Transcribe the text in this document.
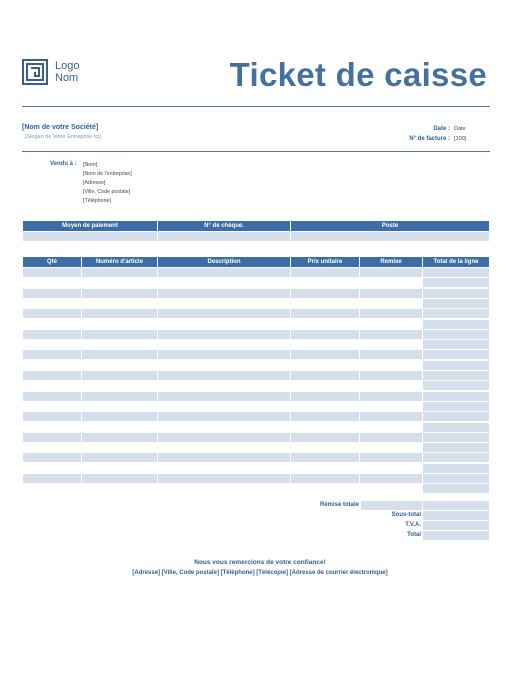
Logo
Nom	Ticket de caisse
[Nom de votre Société]
[Slogan de Votre Entreprise Ici]
Date : Date
N° de facture : [100]
Vendu à : [Nom]
[Nom de l'entreprise]
[Adresse]
[Ville, Code postale]
[Téléphone]
Moyen de paiement	N° de chèque.	Poste
Qté	Numéro d'article	Description	Prix unitaire	Remise	Total de la ligne
Remise totale
Sous-total
T.V.A.
Total
Nous vous remercions de votre confiance!
[Adresse] [Ville, Code postale] [Téléphone] [Télécopie] [Adresse de courrier électronique]
